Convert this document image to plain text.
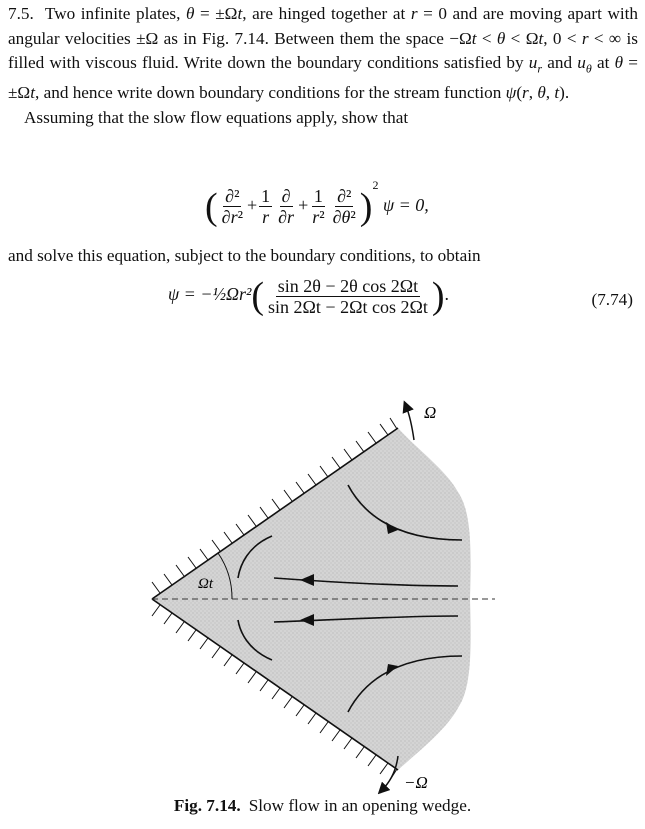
7.5.  Two infinite plates, θ = ±Ωt, are hinged together at r = 0 and are moving apart with angular velocities ±Ω as in Fig. 7.14. Between them the space −Ωt < θ < Ωt, 0 < r < ∞ is filled with viscous fluid. Write down the boundary conditions satisfied by $u_r$ and $u_\theta$ at θ = ±Ωt, and hence write down boundary conditions for the stream function ψ(r, θ, t).

Assuming that the slow flow equations apply, show that

( $\frac{\text{∂²}}{\text{∂r²}} + \frac{1}{r} \frac{\partial}{\partial r} + \frac{1}{\text{r²}} \frac{\text{∂²}}{\text{∂θ²}} )^2$ ψ = 0,

and solve this equation, subject to the boundary conditions, to obtain

ψ = −½Ωr²( $\frac{\text{sin 2θ − 2θ cos 2Ωt}}{\text{sin 2Ωt − 2Ωt cos 2Ωt}}$ ).	(7.74)
Ωt
Ω
−Ω
Fig. 7.14. Slow flow in an opening wedge.
